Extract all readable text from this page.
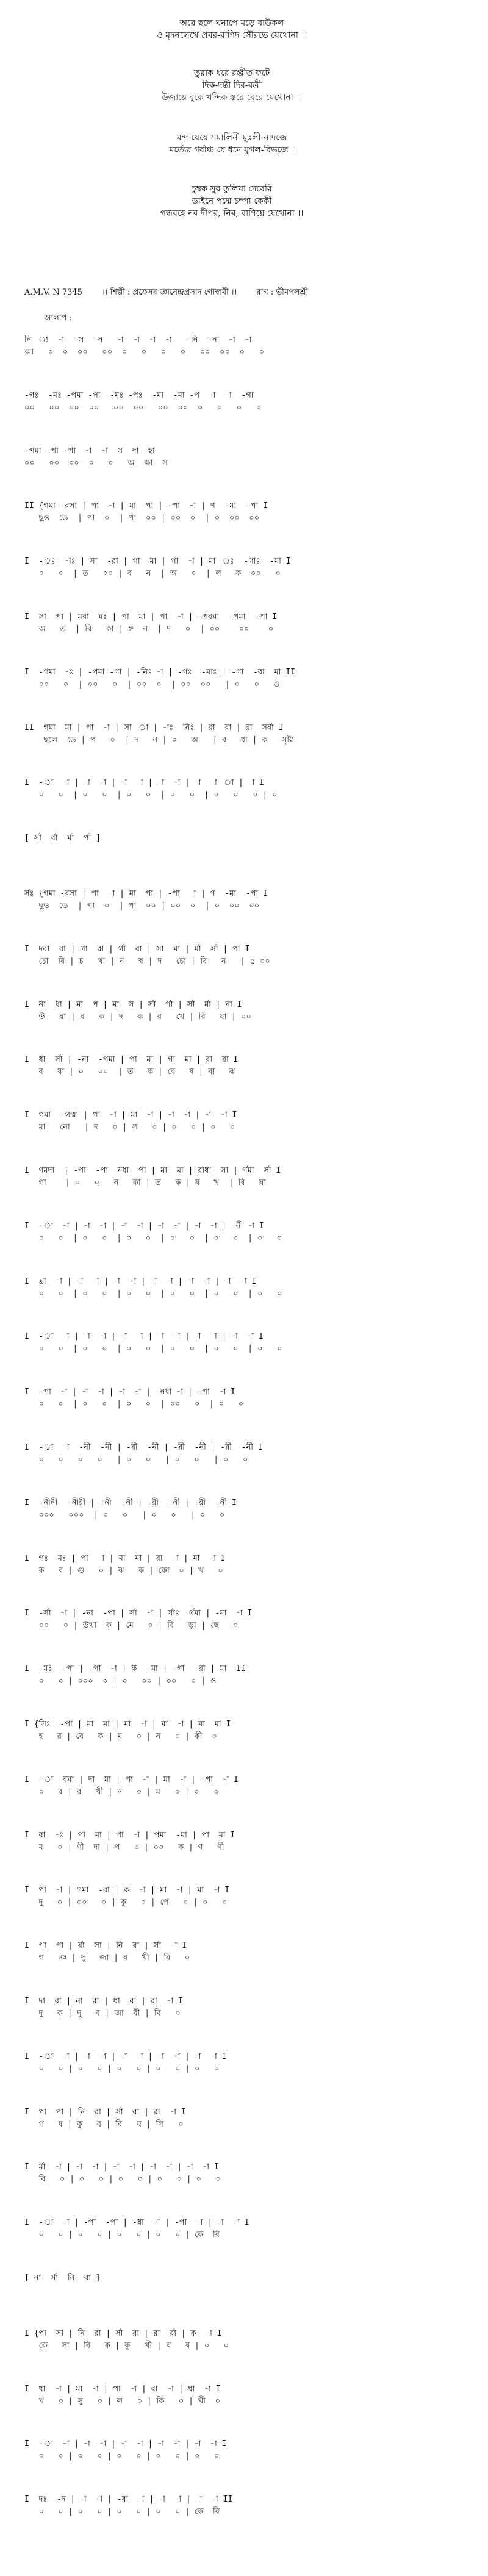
অরে ছলে ঘনাপে মড়ে বাউকল
ও মৃদনলেখে প্রবর-বাণিদ সৌরভে যেথোনা ।।
তুরাক ধরে রঞ্জীত ফটে
দিক-দন্তী দির-বত্রী
উজায়ে বুকে খন্দিক স্তরে বেরে যেথোনা ।।
মন্দ-যেয়ে সমালিনী মুরলী-নাদজে
মর্ত্যের গর্বাঞ্চ যে ধনে যুগল-বিভজে ।
চুম্বক সুর তুলিয়া দেবেরি
ডাইনে পদ্মে চম্পা কেকী
গন্ধবহে নব দীপর, নিব, বাণিয়ে যেথোনা ।।
A.M.V. N 7345 ।। শিল্পী : প্রফেসর জ্ঞানেন্দ্রপ্রসাদ গোস্বামী ।। রাগ : ভীমপলশ্রী
আলাপ :
নি  া  -া  -স  -ন   -া  -া  -া  -া   -নি  -না  -া  -া
আ   ০  ০  ০০   ০০  ০   ০   ০   ০   ০০  ০০  ০   ০
-গঃ  -মঃ -পমা -পা  -মঃ -পঃ  -মা  -মা -প  -া  -া  -গা
০০   ০০  ০০  ০০   ০০  ০০   ০০  ০০  ০   ০   ০   ০
-পমা -পা -পা  -া  -া  স  দা  হা
০০   ০০  ০০  ০   ০   অ  ক্ষা  স
II {গমা -রসা | পা  -া | মা  পা | -পা  -া | ণ  -মা  -পা I
ছুও  ডে  | পা  ০  | পা  ০০ | ০০  ০  | ০  ০০  ০০
I  -ঃ  -াঃ | সা  -রা | গা  মা | পা  -া | মা  ঃ  -গাঃ  -মা I
০   ০  | ত   ০০ | ব   ন  | অ   ০  | ল   ক  ০০   ০
I  সা  পা | মধা  মঃ | পা  মা | পা  -া | -পবমা  -পমা  -পা I
অ   ত  | বি   কা | ঙ্গ  ন  | দ   ০  | ০০    ০০    ০
I  -গমা  -ঃ | -পমা -গা | -নিঃ -া | -গঃ  -মাঃ | -গা  -রা  মা II
০০   ০  | ০০   ০  | ০০  ০  | ০০  ০০   | ০   ০   ও
II  গমা  মা | পা  -া | সা  া | -াঃ  নিঃ | রা  রা | রা  সর্বা I
ছলে  ডে | প   ০  | দ   ন | ০   অ   | ব   ধা | ক   সৃষ্টা
I  -া  -া | -া  -া | -া  -া | -া  -া | -া  -া  া | -া I
০   ০  | ০   ০  | ০   ০  | ০   ০  | ০   ০   ০ | ০
[ র্সা  র্রা  র্মা  র্পা ]
র্সঃ {গমা -রসা | পা  -া | মা  পা | -পা  -া | ণ  -মা  -পা I
ছুও  ডে  | পা  ০  | পা  ০০ | ০০  ০  | ০  ০০  ০০
I  দবা  রা | গা  রা | র্গা  বা | সা  মা | র্মা  র্সা | পা I
চো  বি | চ   খা | ন   স্ব | দ   চো | বি   ন   | ৫ ০০
I  না  ধা | মা  প | মা  স | র্সা  র্পা | র্সা  র্মা | না I
উ   বা | ব   ক | দ   ক | ব   খে | বি   যা | ০০
I  ধা  র্সা | -না  -পমা | পা  মা | গা  মা | রা  রা I
ব   ষা | ০   ০০  | ত   ক | বে   ষ | বা   ঝ
I  গমা  -গম্মা | পা  -া | মা  -া | -া  -া | -া  -া I
মা   নো   | দ   ০ | ল   ০ | ০   ০ | ০   ০
I  ণমদা  | -পা  -পা  নধা  পা | মা  মা | রাধা  সা | র্ণমা  র্সা I
গা    | ০   ০   ন   কা | ত   ক | ষ   খ  | বি   যা
I  -া  -া | -া  -া | -া  -া | -া  -া | -া  -া | -নী -া I
০   ০  | ০   ০  | ০   ০  | ০   ০  | ০   ০  | ০   ০
I  ৯া  -া | -া  -া | -া  -া | -া  -া | -া  -া | -া  -া I
০   ০  | ০   ০  | ০   ০  | ০   ০  | ০   ০  | ০   ০
I  -া  -া | -া  -া | -া  -া | -া  -া | -া  -া | -া  -া I
০   ০  | ০   ০  | ০   ০  | ০   ০  | ০   ০  | ০   ০
I  -পা  -া | -া  -া | -া  -া | -নধা -া | -পা  -া I
০   ০  | ০   ০  | ০   ০  | ০০   ০  | ০   ০
I  -া  -া  -নী  -নী | -রী  -নী | -রী  -নী | -রী  -নী I
০   ০   ০   ০   | ০   ০   | ০   ০   | ০   ০
I  -নীনী  -নীরী | -নী  -নী | -রী  -নী | -রী  -নী I
০০০   ০০০  | ০   ০   | ০   ০   | ০   ০
I  গঃ  মঃ | পা  -া | মা  মা | রা  -া | মা  -া I
ক   ব | গু   ০ | ঝ   ক | কো  ০ | খ   ০
I  -র্সা  -া | -না  -পা | র্সা  -া | র্সাঃ  র্গমা | -মা  -া I
০০   ০ | উথা  ক | মে   ০ | বি   ড়া | ছে   ০
I  -মঃ  -পা | -পা  -া | ক  -মা | -গা  -রা | মা  II
০   ০ | ০০০  ০ | ০   ০০ | ০০   ০ | ও
I {সিঃ  -পা | মা  মা | মা  -া | মা  -া | মা  মা I
হ   র | বে   ক | ম   ০ | ন   ০ | কী  ০
I  -া  বমা | দা  মা | পা  -া | মা  -া | -পা  -া I
০   ব | র   খী | ন   ০ | ম   ০ | ০   ০
I  বা  -ঃ | পা  মা | পা  -া | পমা  -মা | পা  মা I
ম   ০ | ণী  দা | প   ০ | ০০   ক | ণ   ণী
I  পা  -া | গমা  -রা | ক  -া | মা  -া | মা  -া I
দু   ০ | ০০   ০ | কু   ০ | পে   ০ | ০   ০
I  পা  পা | র্রা  সা | নি  রা | র্সা  -া I
গ   ঞ | দু   জা | ব   খী | বি   ০
I  দা  রা | না  রা | ধা  রা | রা  -া I
দু   ক | দু   ব | জা  বী | বি   ০
I  -া  -া | -া  -া | -া  -া | -া  -া | -া  -া I
০   ০ | ০   ০ | ০   ০ | ০   ০ | ০   ০
I  পা  পা | নি  রা | র্সা  রা | রা  -া I
গ   ষ | কু   ব | বি   ঘ | লি   ০
I  র্মা  -া | -া  -া | -া  -া | -া  -া | -া  -া I
বি   ০ | ০   ০ | ০   ০ | ০   ০ | ০   ০
I  -া  -া | -পা  -পা | -ধা  -া | -পা  -া | -া  -া I
০   ০ | ০   ০ | ০   ০ | ০   ০ | কে  বি
[ না  র্সা  নি  বা ]
I {পা  সা | নি  রা | র্সা  রা | রা  র্রা | ক  -া I
কে   সা | বি   ক | কু   খী | ঘ   ব | ০   ০
I  ধা  -া | মা  -া | পা  -া | রা  -া | ধা  -া I
খ   ০ | সু   ০ | ল   ০ | কি   ০ | খী  ০
I  -া  -া | -া  -া | -া  -া | -া  -া | -া  -া I
০   ০ | ০   ০ | ০   ০ | ০   ০ | ০   ০
I  দঃ  -দ | -া  -া | -রা  -া | -া  -া | -া  -া II
০   ০ | ০   ০ | ০   ০ | ০   ০ | কে  বি
